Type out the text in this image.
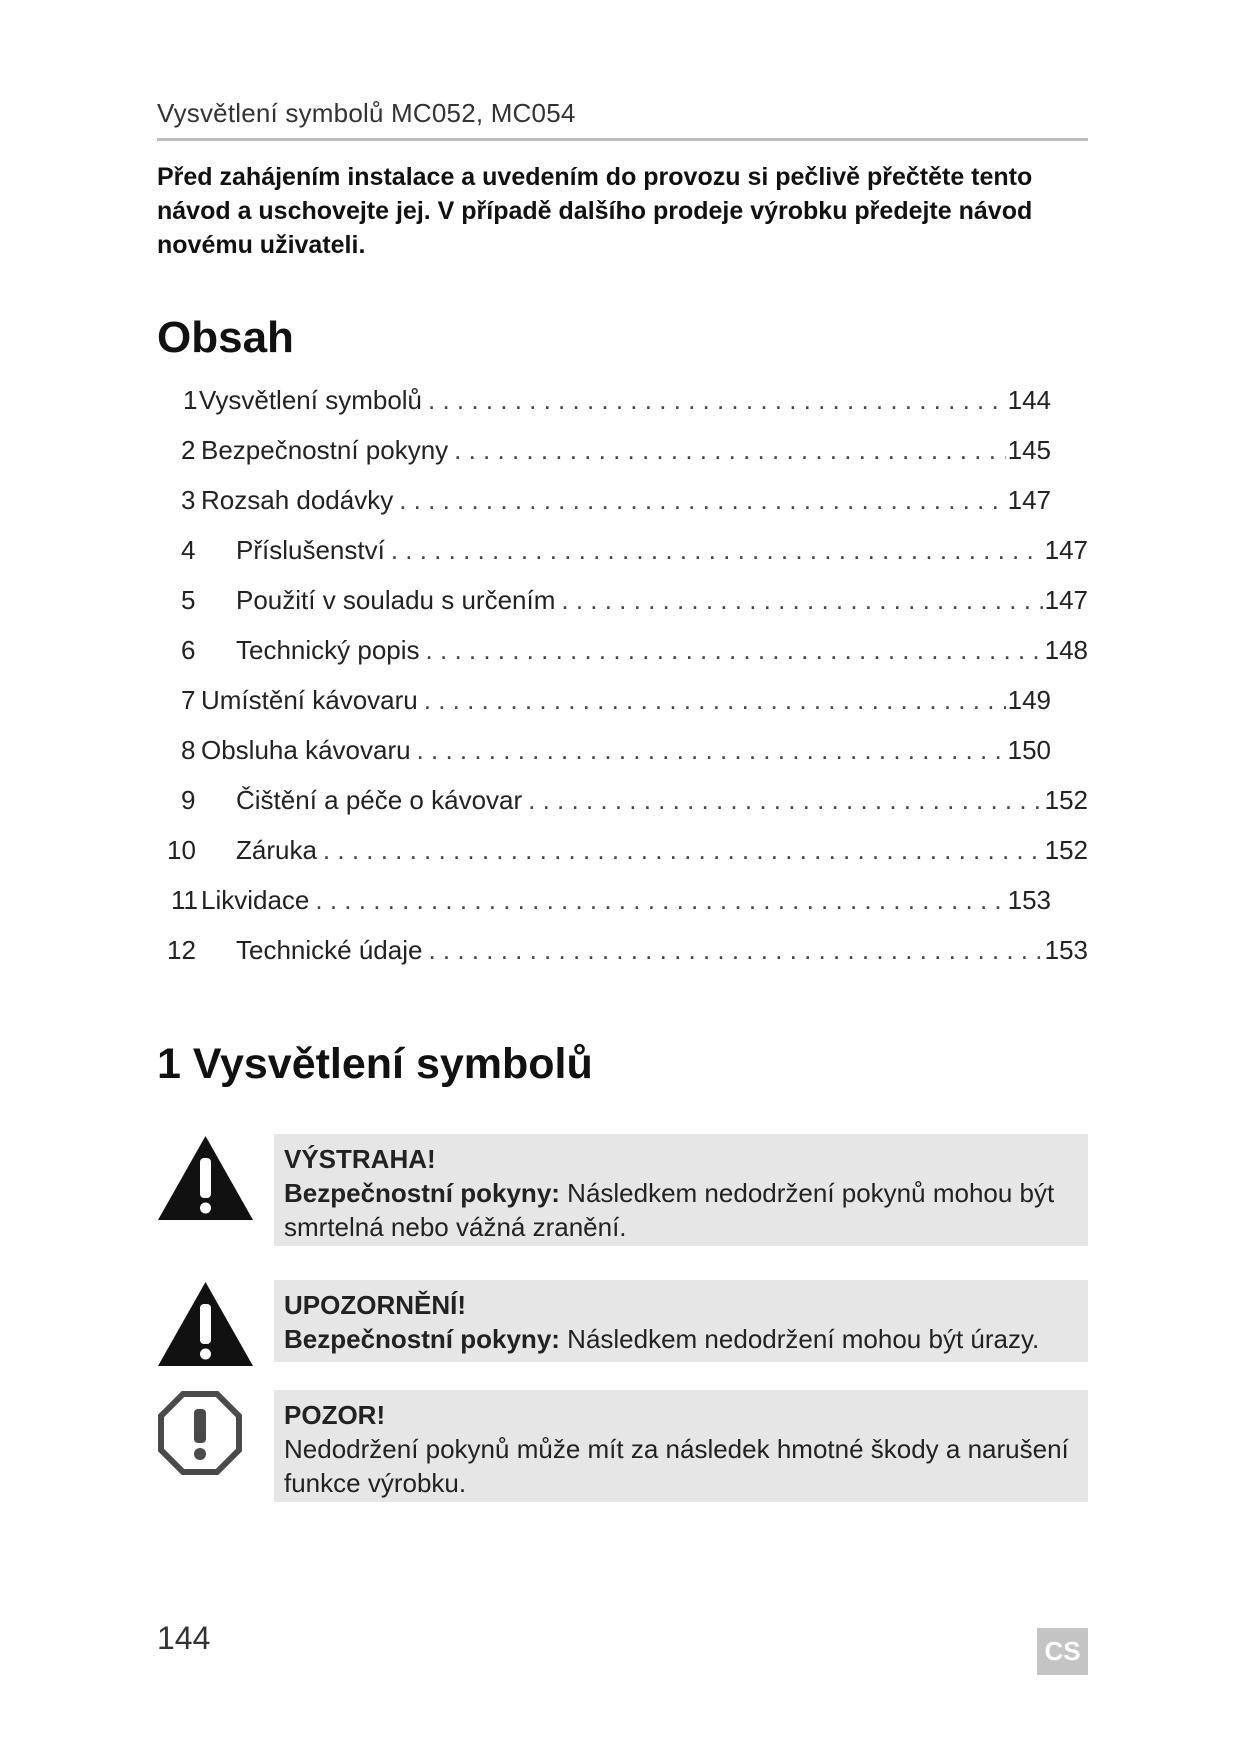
Vysvětlení symbolů MC052, MC054

Před zahájením instalace a uvedením do provozu si pečlivě přečtěte tento návod a uschovejte jej. V případě dalšího prodeje výrobku předejte návod novému uživateli.

Obsah
1 Vysvětlení symbolů . . .	144
2 Bezpečnostní pokyny . . .	145
3 Rozsah dodávky . . .	147
4	Příslušenství . . .	147
5	Použití v souladu s určením . . .	147
6	Technický popis . . .	148
7 Umístění kávovaru . . .	149
8 Obsluha kávovaru . . .	150
9	Čištění a péče o kávovar . . .	152
10	Záruka . . .	152
11 Likvidace . . .	153
12	Technické údaje . . .	153
1 Vysvětlení symbolů
VÝSTRAHA!
Bezpečnostní pokyny: Následkem nedodržení pokynů mohou být smrtelná nebo vážná zranění.
UPOZORNĚNÍ!
Bezpečnostní pokyny: Následkem nedodržení mohou být úrazy.
POZOR!
Nedodržení pokynů může mít za následek hmotné škody a narušení funkce výrobku.
144	CS
